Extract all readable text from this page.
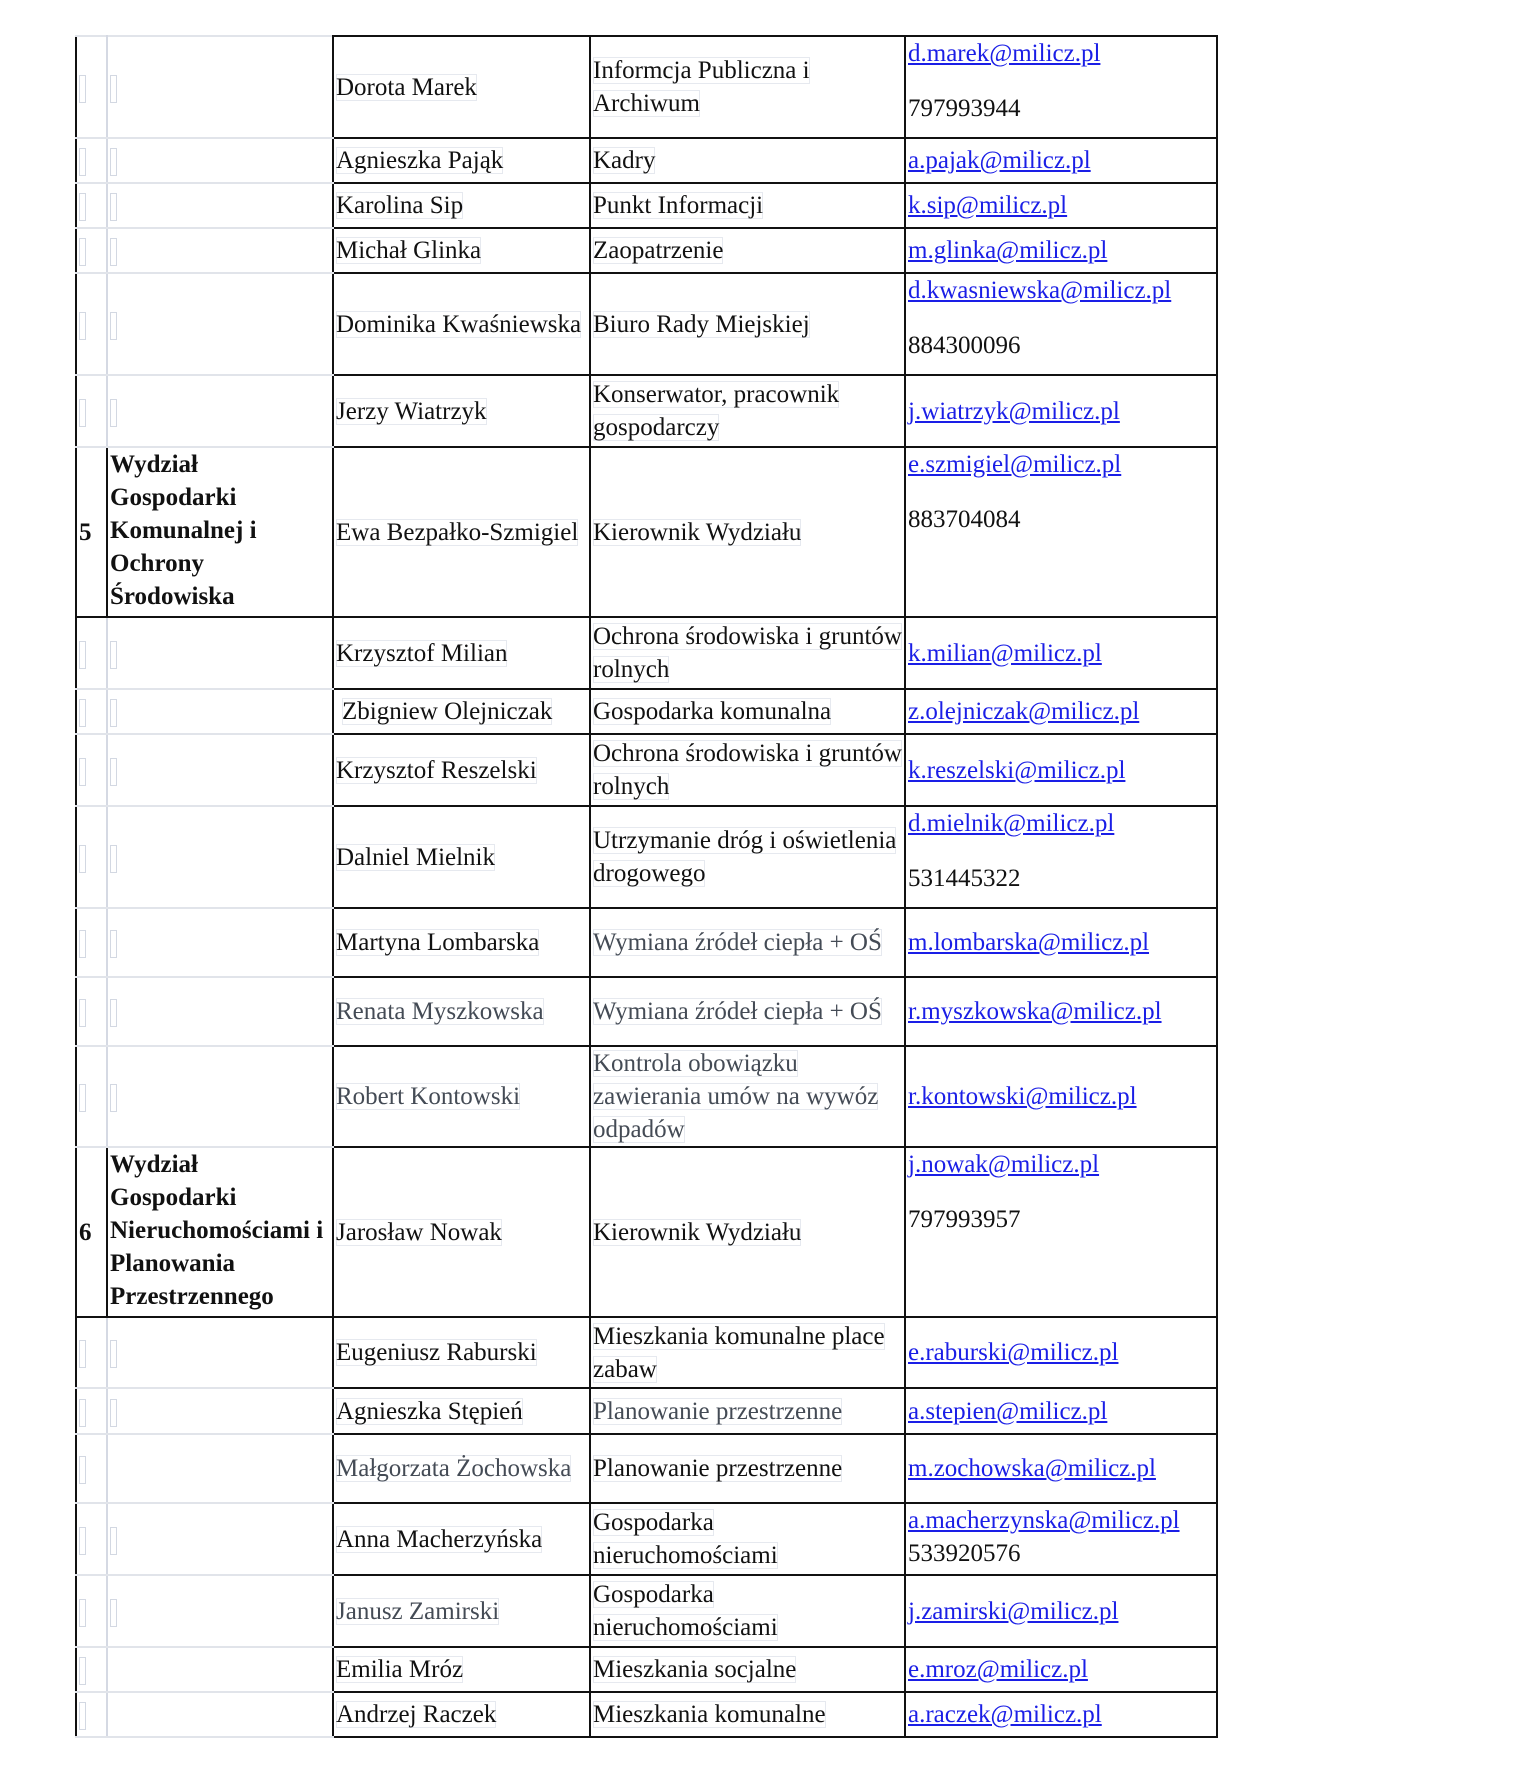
		Dorota Marek	Informcja Publiczna i Archiwum	d.marek@milicz.pl
797993944

		Agnieszka Pająk	Kadry	a.pajak@milicz.pl

		Karolina Sip	Punkt Informacji	k.sip@milicz.pl

		Michał Glinka	Zaopatrzenie	m.glinka@milicz.pl

		Dominika Kwaśniewska	Biuro Rady Miejskiej	d.kwasniewska@milicz.pl
884300096

		Jerzy Wiatrzyk	Konserwator, pracownik gospodarczy	j.wiatrzyk@milicz.pl

5	Wydział Gospodarki Komunalnej i Ochrony Środowiska	Ewa Bezpałko-Szmigiel	Kierownik Wydziału	e.szmigiel@milicz.pl
883704084

		Krzysztof Milian	Ochrona środowiska i gruntów rolnych	k.milian@milicz.pl

		Zbigniew Olejniczak	Gospodarka komunalna	z.olejniczak@milicz.pl

		Krzysztof Reszelski	Ochrona środowiska i gruntów rolnych	k.reszelski@milicz.pl

		Dalniel Mielnik	Utrzymanie dróg i oświetlenia drogowego	d.mielnik@milicz.pl
531445322

		Martyna Lombarska	Wymiana źródeł ciepła + OŚ	m.lombarska@milicz.pl

		Renata Myszkowska	Wymiana źródeł ciepła + OŚ	r.myszkowska@milicz.pl

		Robert Kontowski	Kontrola obowiązku zawierania umów na wywóz odpadów	r.kontowski@milicz.pl

6	Wydział Gospodarki Nieruchomościami i Planowania Przestrzennego	Jarosław Nowak	Kierownik Wydziału	j.nowak@milicz.pl
797993957

		Eugeniusz Raburski	Mieszkania komunalne place zabaw	e.raburski@milicz.pl

		Agnieszka Stępień	Planowanie przestrzenne	a.stepien@milicz.pl

		Małgorzata Żochowska	Planowanie przestrzenne	m.zochowska@milicz.pl

		Anna Macherzyńska	Gospodarka nieruchomościami	a.macherzynska@milicz.pl
533920576

		Janusz Zamirski	Gospodarka nieruchomościami	j.zamirski@milicz.pl

		Emilia Mróz	Mieszkania socjalne	e.mroz@milicz.pl

		Andrzej Raczek	Mieszkania komunalne	a.raczek@milicz.pl
